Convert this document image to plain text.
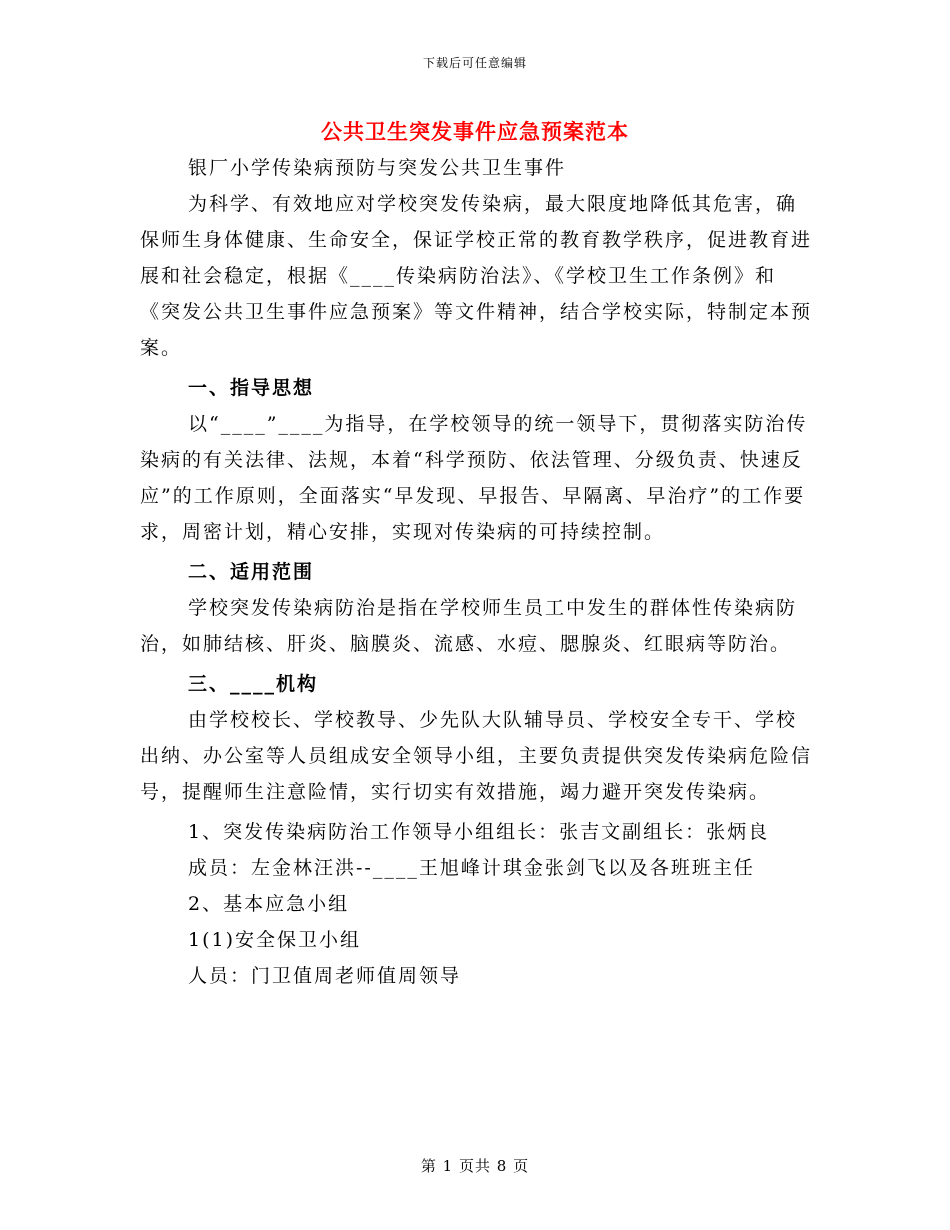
下载后可任意编辑
公共卫生突发事件应急预案范本

银厂小学传染病预防与突发公共卫生事件

为科学、有效地应对学校突发传染病，最大限度地降低其危害，确保师生身体健康、生命安全，保证学校正常的教育教学秩序，促进教育进展和社会稳定，根据《____传染病防治法》、《学校卫生工作条例》和《突发公共卫生事件应急预案》等文件精神，结合学校实际，特制定本预案。

一、指导思想

以“____”____为指导，在学校领导的统一领导下，贯彻落实防治传染病的有关法律、法规，本着“科学预防、依法管理、分级负责、快速反应”的工作原则，全面落实“早发现、早报告、早隔离、早治疗”的工作要求，周密计划，精心安排，实现对传染病的可持续控制。

二、适用范围

学校突发传染病防治是指在学校师生员工中发生的群体性传染病防治，如肺结核、肝炎、脑膜炎、流感、水痘、腮腺炎、红眼病等防治。

三、____机构

由学校校长、学校教导、少先队大队辅导员、学校安全专干、学校出纳、办公室等人员组成安全领导小组，主要负责提供突发传染病危险信号，提醒师生注意险情，实行切实有效措施，竭力避开突发传染病。

1、突发传染病防治工作领导小组组长：张吉文副组长：张炳良

成员：左金林汪洪--____王旭峰计琪金张剑飞以及各班班主任

2、基本应急小组

1(1)安全保卫小组

人员：门卫值周老师值周领导

第 1 页共 8 页
